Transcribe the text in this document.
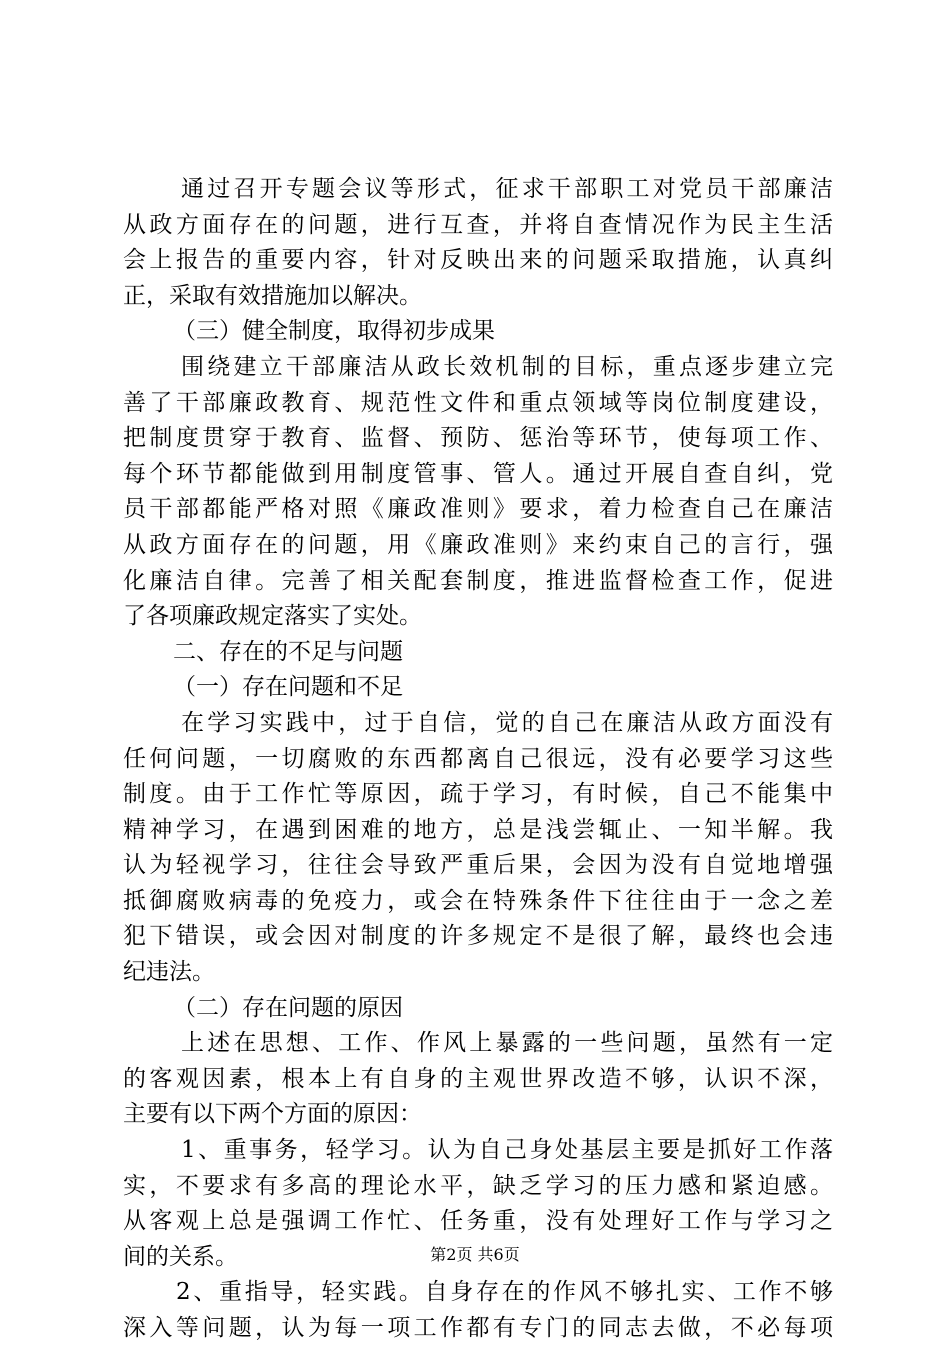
通过召开专题会议等形式，征求干部职工对党员干部廉洁
从政方面存在的问题，进行互查，并将自查情况作为民主生活
会上报告的重要内容，针对反映出来的问题采取措施，认真纠
正，采取有效措施加以解决。
（三）健全制度，取得初步成果
围绕建立干部廉洁从政长效机制的目标，重点逐步建立完
善了干部廉政教育、规范性文件和重点领域等岗位制度建设，
把制度贯穿于教育、监督、预防、惩治等环节，使每项工作、
每个环节都能做到用制度管事、管人。通过开展自查自纠，党
员干部都能严格对照《廉政准则》要求，着力检查自己在廉洁
从政方面存在的问题，用《廉政准则》来约束自己的言行，强
化廉洁自律。完善了相关配套制度，推进监督检查工作，促进
了各项廉政规定落实了实处。
二、存在的不足与问题
（一）存在问题和不足
在学习实践中，过于自信，觉的自己在廉洁从政方面没有
任何问题，一切腐败的东西都离自己很远，没有必要学习这些
制度。由于工作忙等原因，疏于学习，有时候，自己不能集中
精神学习，在遇到困难的地方，总是浅尝辄止、一知半解。我
认为轻视学习，往往会导致严重后果，会因为没有自觉地增强
抵御腐败病毒的免疫力，或会在特殊条件下往往由于一念之差
犯下错误，或会因对制度的许多规定不是很了解，最终也会违
纪违法。
（二）存在问题的原因
上述在思想、工作、作风上暴露的一些问题，虽然有一定
的客观因素，根本上有自身的主观世界改造不够，认识不深，
主要有以下两个方面的原因：
1、重事务，轻学习。认为自己身处基层主要是抓好工作落
实，不要求有多高的理论水平，缺乏学习的压力感和紧迫感。
从客观上总是强调工作忙、任务重，没有处理好工作与学习之
间的关系。
2、重指导，轻实践。自身存在的作风不够扎实、工作不够
深入等问题，认为每一项工作都有专门的同志去做，不必每项
第2页 共6页
